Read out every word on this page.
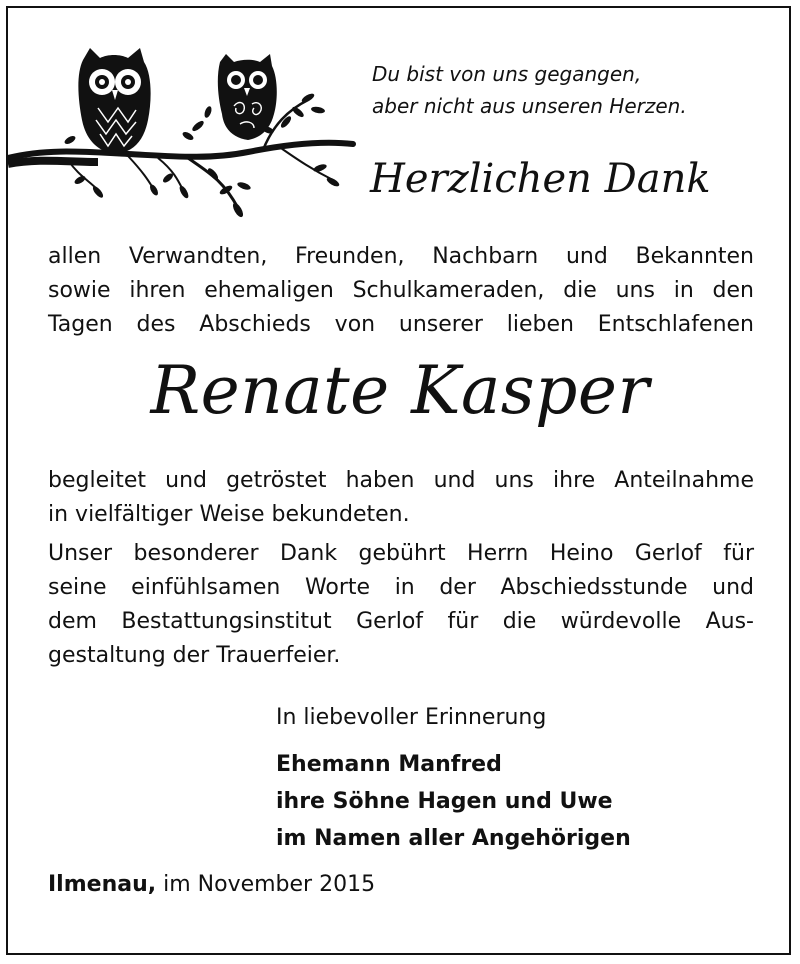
Du bist von uns gegangen,
aber nicht aus unseren Herzen.
Herzlichen Dank

allen Verwandten, Freunden, Nachbarn und Bekannten
sowie ihren ehemaligen Schulkameraden, die uns in den
Tagen des Abschieds von unserer lieben Entschlafenen

Renate Kasper

begleitet und getröstet haben und uns ihre Anteilnahme
in vielfältiger Weise bekundeten.

Unser besonderer Dank gebührt Herrn Heino Gerlof für
seine einfühlsamen Worte in der Abschiedsstunde und
dem Bestattungsinstitut Gerlof für die würdevolle Aus-
gestaltung der Trauerfeier.

In liebevoller Erinnerung
Ehemann Manfred
ihre Söhne Hagen und Uwe
im Namen aller Angehörigen

Ilmenau, im November 2015
